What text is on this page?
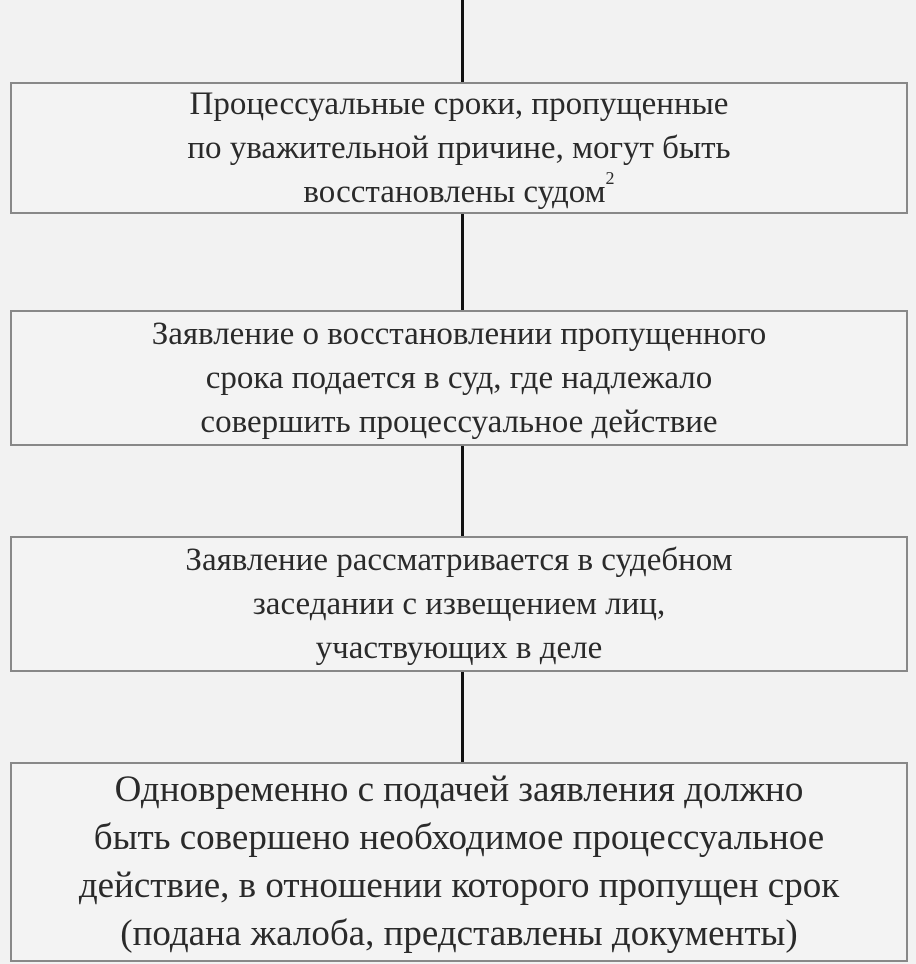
Процессуальные сроки, пропущенные
по уважительной причине, могут быть
восстановлены судом$^2$
Заявление о восстановлении пропущенного
срока подается в суд, где надлежало
совершить процессуальное действие
Заявление рассматривается в судебном
заседании с извещением лиц,
участвующих в деле
Одновременно с подачей заявления должно
быть совершено необходимое процессуальное
действие, в отношении которого пропущен срок
(подана жалоба, представлены документы)
